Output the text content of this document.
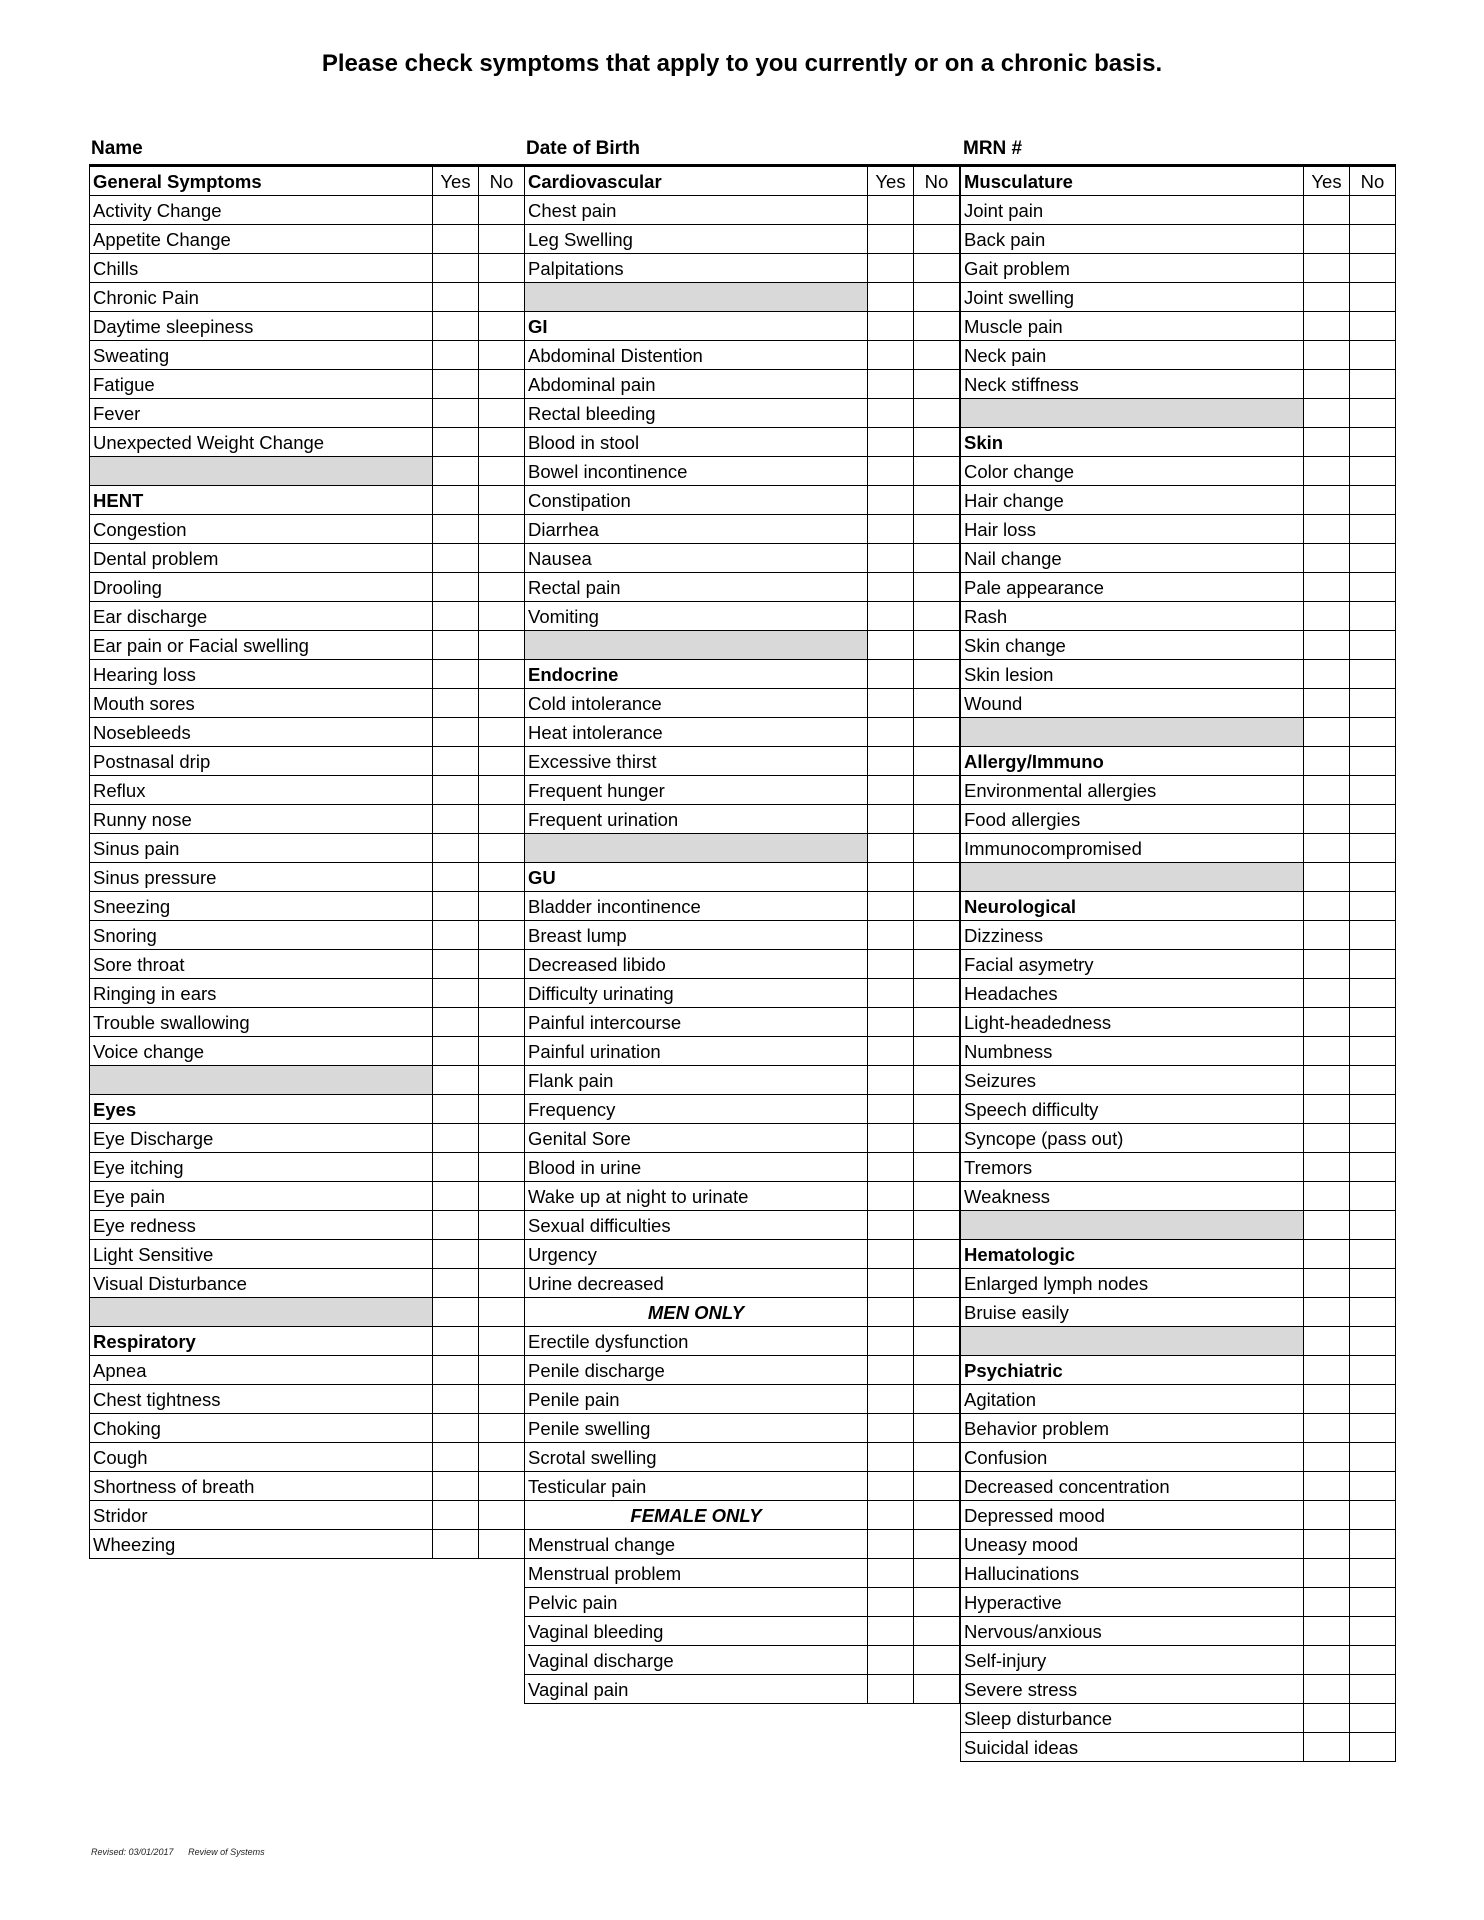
Please check symptoms that apply to you currently or on a chronic basis.
Name	Date of Birth	MRN #
General Symptoms	Yes	No
Activity Change		
Appetite Change		
Chills		
Chronic Pain		
Daytime sleepiness		
Sweating		
Fatigue		
Fever		
Unexpected Weight Change		

HENT		
Congestion		
Dental problem		
Drooling		
Ear discharge		
Ear pain or Facial swelling		
Hearing loss		
Mouth sores		
Nosebleeds		
Postnasal drip		
Reflux		
Runny nose		
Sinus pain		
Sinus pressure		
Sneezing		
Snoring		
Sore throat		
Ringing in ears		
Trouble swallowing		
Voice change		

Eyes		
Eye Discharge		
Eye itching		
Eye pain		
Eye redness		
Light Sensitive		
Visual Disturbance		

Respiratory		
Apnea		
Chest tightness		
Choking		
Cough		
Shortness of breath		
Stridor		
Wheezing		
Cardiovascular	Yes	No
Chest pain		
Leg Swelling		
Palpitations		

GI		
Abdominal Distention		
Abdominal pain		
Rectal bleeding		
Blood in stool		
Bowel incontinence		
Constipation		
Diarrhea		
Nausea		
Rectal pain		
Vomiting		

Endocrine		
Cold intolerance		
Heat intolerance		
Excessive thirst		
Frequent hunger		
Frequent urination		

GU		
Bladder incontinence		
Breast lump		
Decreased libido		
Difficulty urinating		
Painful intercourse		
Painful urination		
Flank pain		
Frequency		
Genital Sore		
Blood in urine		
Wake up at night to urinate		
Sexual difficulties		
Urgency		
Urine decreased		
MEN ONLY		
Erectile dysfunction		
Penile discharge		
Penile pain		
Penile swelling		
Scrotal swelling		
Testicular pain		
FEMALE ONLY		
Menstrual change		
Menstrual problem		
Pelvic pain		
Vaginal bleeding		
Vaginal discharge		
Vaginal pain		
Musculature	Yes	No
Joint pain		
Back pain		
Gait problem		
Joint swelling		
Muscle pain		
Neck pain		
Neck stiffness		

Skin		
Color change		
Hair change		
Hair loss		
Nail change		
Pale appearance		
Rash		
Skin change		
Skin lesion		
Wound		

Allergy/Immuno		
Environmental allergies		
Food allergies		
Immunocompromised		

Neurological		
Dizziness		
Facial asymetry		
Headaches		
Light-headedness		
Numbness		
Seizures		
Speech difficulty		
Syncope (pass out)		
Tremors		
Weakness		

Hematologic		
Enlarged lymph nodes		
Bruise easily		

Psychiatric		
Agitation		
Behavior problem		
Confusion		
Decreased concentration		
Depressed mood		
Uneasy mood		
Hallucinations		
Hyperactive		
Nervous/anxious		
Self-injury		
Severe stress		
Sleep disturbance		
Suicidal ideas		
Revised: 03/01/2017 Review of Systems
